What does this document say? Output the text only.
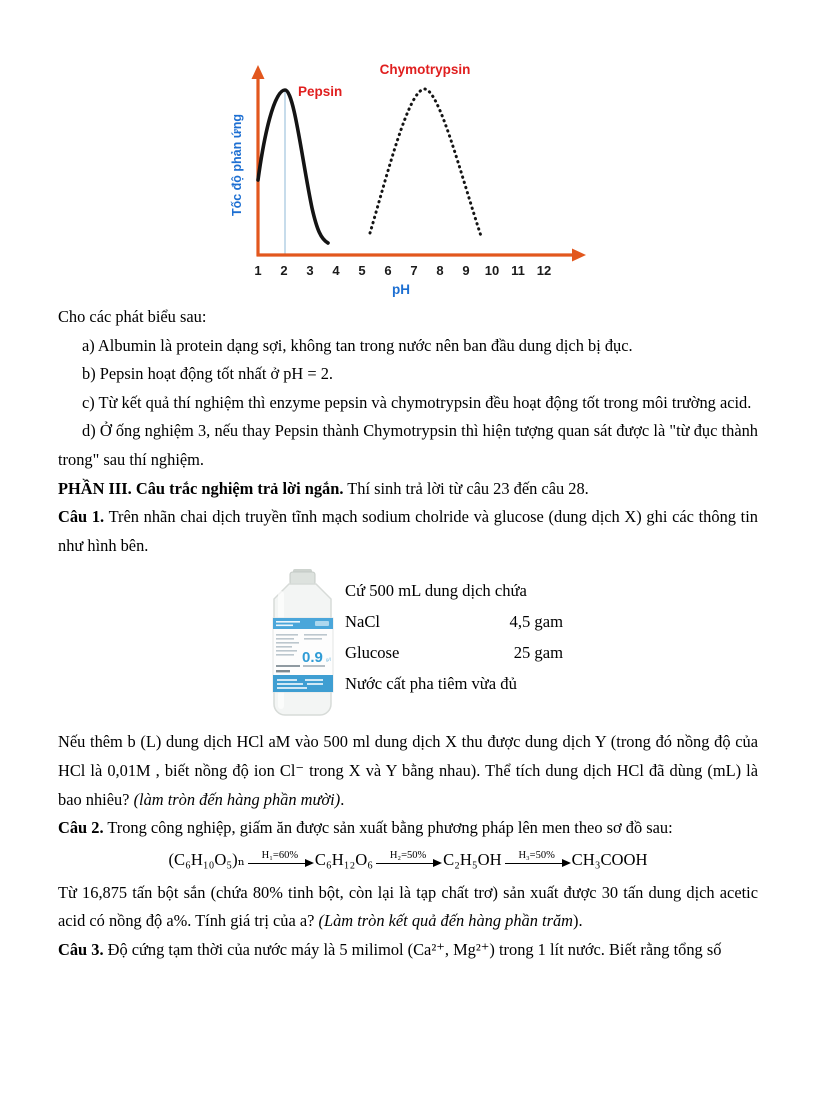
Pepsin
Chymotrypsin
1 2 3 4 5 6 7 8 9 10 11 12
pH
Tốc độ phản ứng

Cho các phát biểu sau:

a) Albumin là protein dạng sợi, không tan trong nước nên ban đầu dung dịch bị đục.

b) Pepsin hoạt động tốt nhất ở pH = 2.

c) Từ kết quả thí nghiệm thì enzyme pepsin và chymotrypsin đều hoạt động tốt trong môi trường acid.

d) Ở ống nghiệm 3, nếu thay Pepsin thành Chymotrypsin thì hiện tượng quan sát được là "từ đục thành trong" sau thí nghiệm.

PHẦN III. Câu trắc nghiệm trả lời ngắn. Thí sinh trả lời từ câu 23 đến câu 28.

Câu 1. Trên nhãn chai dịch truyền tĩnh mạch sodium cholride và glucose (dung dịch X) ghi các thông tin như hình bên.

0.9 g/l
Cứ 500 mL dung dịch chứa
NaCl	4,5 gam
Glucose	25 gam
Nước cất pha tiêm vừa đủ

Nếu thêm b (L) dung dịch HCl aM vào 500 ml dung dịch X thu được dung dịch Y (trong đó nồng độ của HCl là 0,01M , biết nồng độ ion Cl⁻ trong X và Y bằng nhau). Thể tích dung dịch HCl đã dùng (mL) là bao nhiêu? (làm tròn đến hàng phần mười).

Câu 2. Trong công nghiệp, giấm ăn được sản xuất bằng phương pháp lên men theo sơ đồ sau:

(C₆H₁₀O₅)ₙ H₁=60% C₆H₁₂O₆ H₂=50% C₂H₅OH H₃=50% CH₃COOH

Từ 16,875 tấn bột sắn (chứa 80% tinh bột, còn lại là tạp chất trơ) sản xuất được 30 tấn dung dịch acetic acid có nồng độ a%. Tính giá trị của a? (Làm tròn kết quả đến hàng phần trăm).

Câu 3. Độ cứng tạm thời của nước máy là 5 milimol (Ca²⁺, Mg²⁺) trong 1 lít nước. Biết rằng tổng số
